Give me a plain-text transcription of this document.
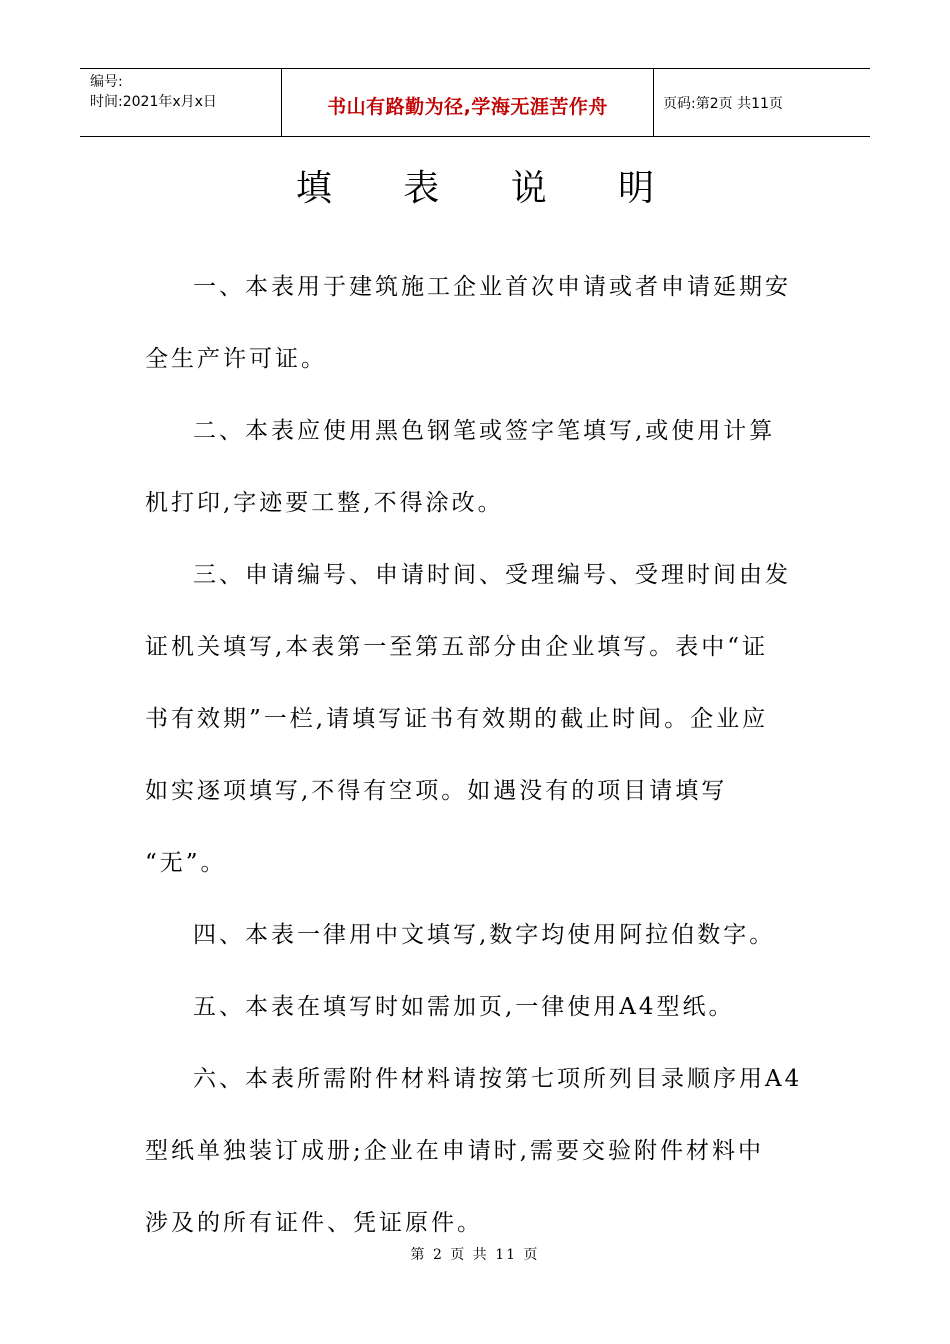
编号:
时间:2021年x月x日	书山有路勤为径,学海无涯苦作舟	页码:第2页 共11页
填 表 说 明

一、本表用于建筑施工企业首次申请或者申请延期安
全生产许可证。

二、本表应使用黑色钢笔或签字笔填写,或使用计算
机打印,字迹要工整,不得涂改。

三、申请编号、申请时间、受理编号、受理时间由发
证机关填写,本表第一至第五部分由企业填写。表中“证
书有效期”一栏,请填写证书有效期的截止时间。企业应
如实逐项填写,不得有空项。如遇没有的项目请填写
“无”。

四、本表一律用中文填写,数字均使用阿拉伯数字。

五、本表在填写时如需加页,一律使用A4型纸。

六、本表所需附件材料请按第七项所列目录顺序用A4
型纸单独装订成册;企业在申请时,需要交验附件材料中
涉及的所有证件、凭证原件。

第 2 页 共 11 页
